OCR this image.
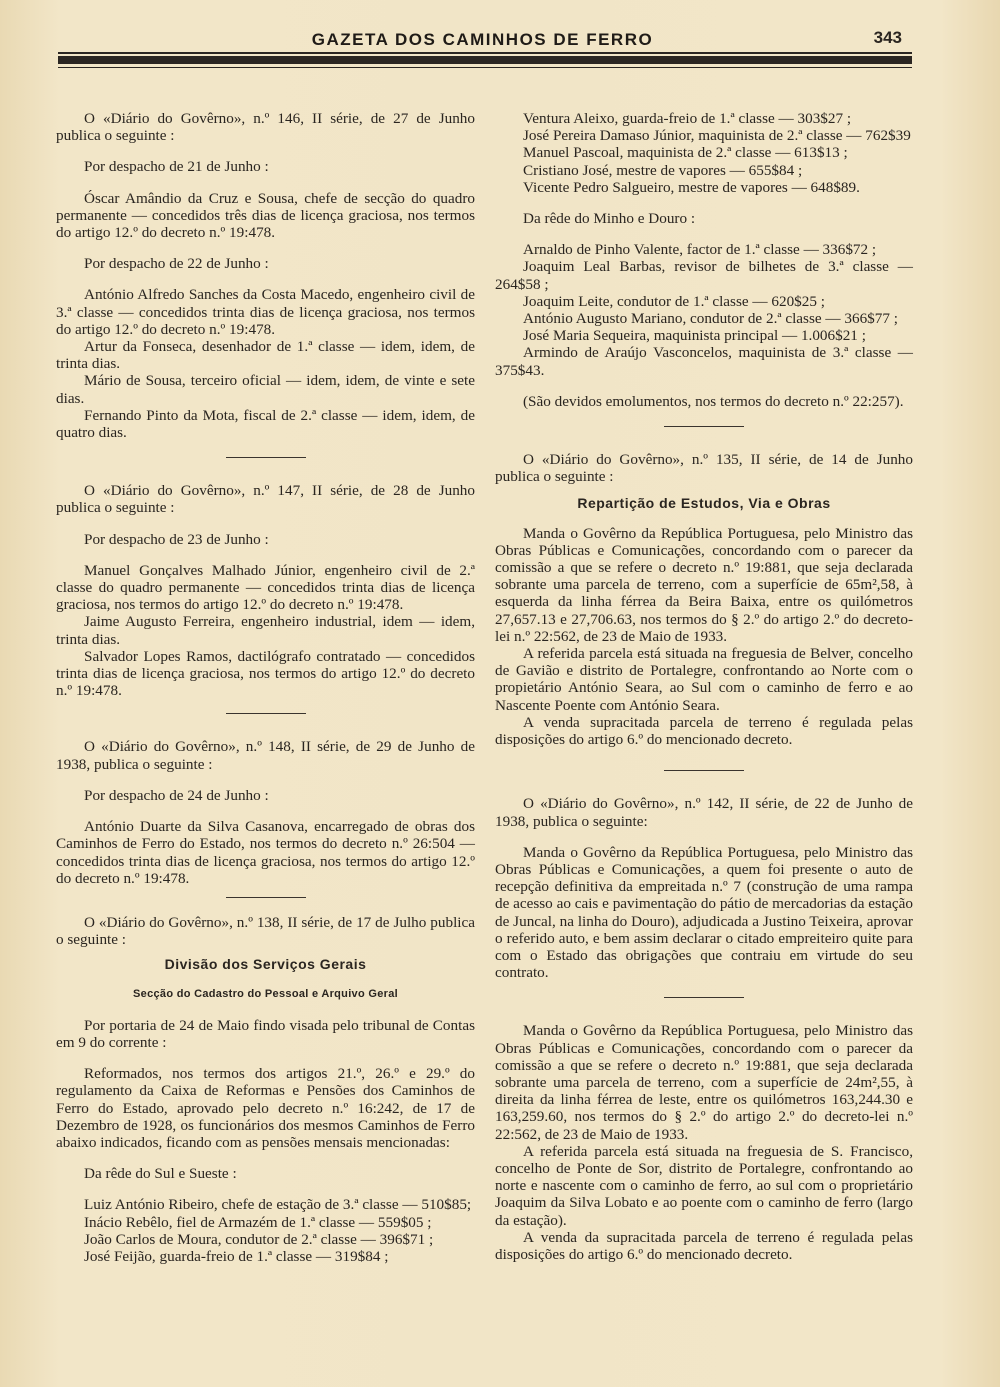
GAZETA DOS CAMINHOS DE FERRO	343

O «Diário do Govêrno», n.º 146, II série, de 27 de Junho publica o seguinte :

Por despacho de 21 de Junho :

Óscar Amândio da Cruz e Sousa, chefe de secção do quadro permanente — concedidos três dias de licença graciosa, nos termos do artigo 12.º do decreto n.º 19:478.

Por despacho de 22 de Junho :

António Alfredo Sanches da Costa Macedo, engenheiro civil de 3.ª classe — concedidos trinta dias de licença graciosa, nos termos do artigo 12.º do decreto n.º 19:478.

Artur da Fonseca, desenhador de 1.ª classe — idem, idem, de trinta dias.

Mário de Sousa, terceiro oficial — idem, idem, de vinte e sete dias.

Fernando Pinto da Mota, fiscal de 2.ª classe — idem, idem, de quatro dias.

O «Diário do Govêrno», n.º 147, II série, de 28 de Junho publica o seguinte :

Por despacho de 23 de Junho :

Manuel Gonçalves Malhado Júnior, engenheiro civil de 2.ª classe do quadro permanente — concedidos trinta dias de licença graciosa, nos termos do artigo 12.º do decreto n.º 19:478.

Jaime Augusto Ferreira, engenheiro industrial, idem — idem, trinta dias.

Salvador Lopes Ramos, dactilógrafo contratado — concedidos trinta dias de licença graciosa, nos termos do artigo 12.º do decreto n.º 19:478.

O «Diário do Govêrno», n.º 148, II série, de 29 de Junho de 1938, publica o seguinte :

Por despacho de 24 de Junho :

António Duarte da Silva Casanova, encarregado de obras dos Caminhos de Ferro do Estado, nos termos do decreto n.º 26:504 — concedidos trinta dias de licença graciosa, nos termos do artigo 12.º do decreto n.º 19:478.

O «Diário do Govêrno», n.º 138, II série, de 17 de Julho publica o seguinte :

Divisão dos Serviços Gerais
Secção do Cadastro do Pessoal e Arquivo Geral

Por portaria de 24 de Maio findo visada pelo tribunal de Contas em 9 do corrente :

Reformados, nos termos dos artigos 21.º, 26.º e 29.º do regulamento da Caixa de Reformas e Pensões dos Caminhos de Ferro do Estado, aprovado pelo decreto n.º 16:242, de 17 de Dezembro de 1928, os funcionários dos mesmos Caminhos de Ferro abaixo indicados, ficando com as pensões mensais mencionadas:

Da rêde do Sul e Sueste :

Luiz António Ribeiro, chefe de estação de 3.ª classe — 510$85;

Inácio Rebêlo, fiel de Armazém de 1.ª classe — 559$05 ;

João Carlos de Moura, condutor de 2.ª classe — 396$71 ;

José Feijão, guarda-freio de 1.ª classe — 319$84 ;

Ventura Aleixo, guarda-freio de 1.ª classe — 303$27 ;

José Pereira Damaso Júnior, maquinista de 2.ª classe — 762$39

Manuel Pascoal, maquinista de 2.ª classe — 613$13 ;

Cristiano José, mestre de vapores — 655$84 ;

Vicente Pedro Salgueiro, mestre de vapores — 648$89.

Da rêde do Minho e Douro :

Arnaldo de Pinho Valente, factor de 1.ª classe — 336$72 ;

Joaquim Leal Barbas, revisor de bilhetes de 3.ª classe — 264$58 ;

Joaquim Leite, condutor de 1.ª classe — 620$25 ;

António Augusto Mariano, condutor de 2.ª classe — 366$77 ;

José Maria Sequeira, maquinista principal — 1.006$21 ;

Armindo de Araújo Vasconcelos, maquinista de 3.ª classe — 375$43.

(São devidos emolumentos, nos termos do decreto n.º 22:257).

O «Diário do Govêrno», n.º 135, II série, de 14 de Junho publica o seguinte :

Repartição de Estudos, Via e Obras

Manda o Govêrno da República Portuguesa, pelo Ministro das Obras Públicas e Comunicações, concordando com o parecer da comissão a que se refere o decreto n.º 19:881, que seja declarada sobrante uma parcela de terreno, com a superfície de 65m²,58, à esquerda da linha férrea da Beira Baixa, entre os quilómetros 27,657.13 e 27,706.63, nos termos do § 2.º do artigo 2.º do decreto-lei n.º 22:562, de 23 de Maio de 1933.

A referida parcela está situada na freguesia de Belver, concelho de Gavião e distrito de Portalegre, confrontando ao Norte com o propietário António Seara, ao Sul com o caminho de ferro e ao Nascente Poente com António Seara.

A venda supracitada parcela de terreno é regulada pelas disposições do artigo 6.º do mencionado decreto.

O «Diário do Govêrno», n.º 142, II série, de 22 de Junho de 1938, publica o seguinte:

Manda o Govêrno da República Portuguesa, pelo Ministro das Obras Públicas e Comunicações, a quem foi presente o auto de recepção definitiva da empreitada n.º 7 (construção de uma rampa de acesso ao cais e pavimentação do pátio de mercadorias da estação de Juncal, na linha do Douro), adjudicada a Justino Teixeira, aprovar o referido auto, e bem assim declarar o citado empreiteiro quite para com o Estado das obrigações que contraiu em virtude do seu contrato.

Manda o Govêrno da República Portuguesa, pelo Ministro das Obras Públicas e Comunicações, concordando com o parecer da comissão a que se refere o decreto n.º 19:881, que seja declarada sobrante uma parcela de terreno, com a superfície de 24m²,55, à direita da linha férrea de leste, entre os quilómetros 163,244.30 e 163,259.60, nos termos do § 2.º do artigo 2.º do decreto-lei n.º 22:562, de 23 de Maio de 1933.

A referida parcela está situada na freguesia de S. Francisco, concelho de Ponte de Sor, distrito de Portalegre, confrontando ao norte e nascente com o caminho de ferro, ao sul com o proprietário Joaquim da Silva Lobato e ao poente com o caminho de ferro (largo da estação).

A venda da supracitada parcela de terreno é regulada pelas disposições do artigo 6.º do mencionado decreto.
